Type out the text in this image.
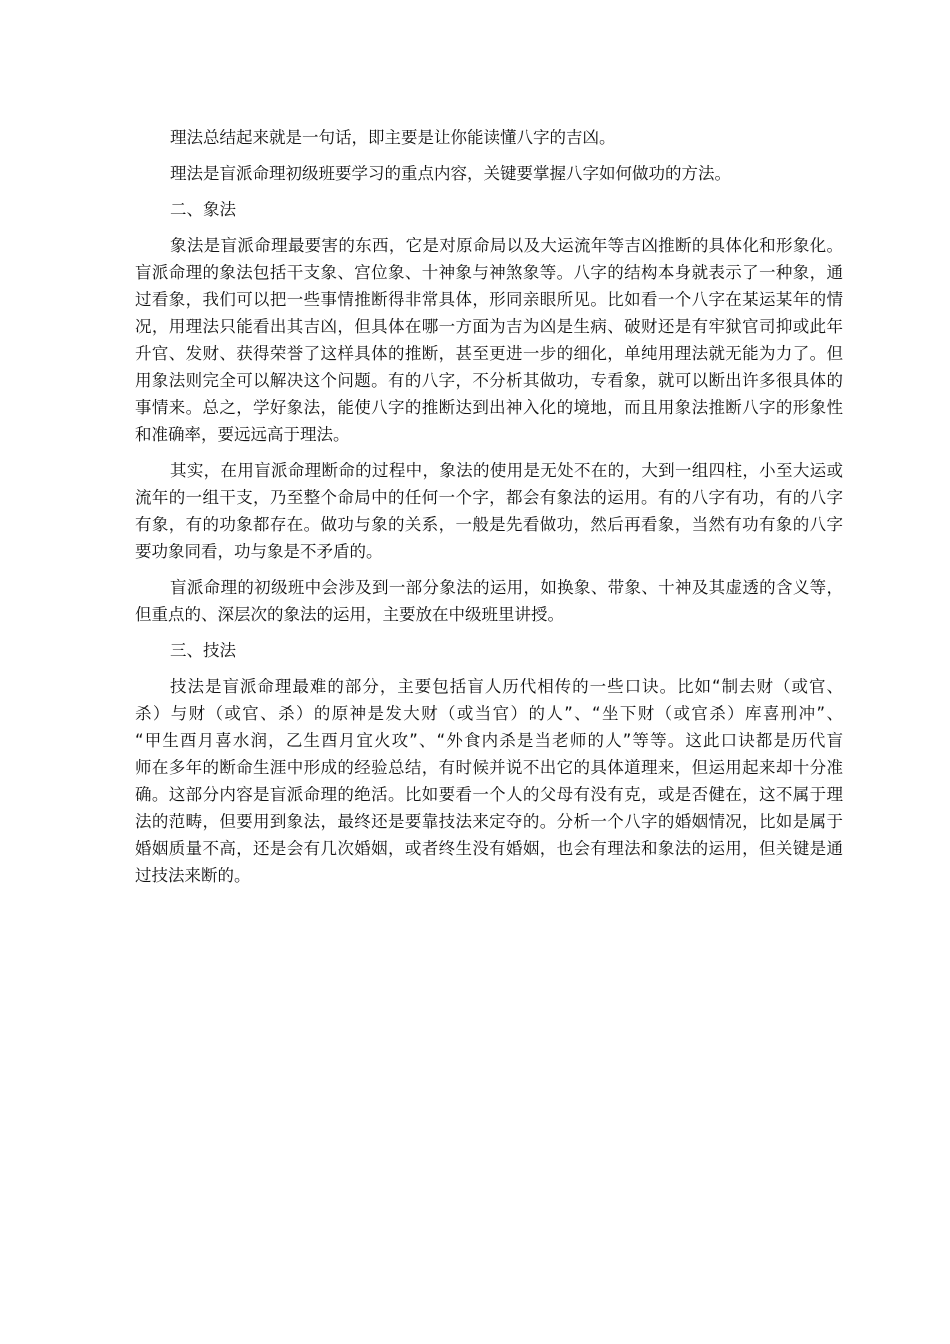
理法总结起来就是一句话，即主要是让你能读懂八字的吉凶。
理法是盲派命理初级班要学习的重点内容，关键要掌握八字如何做功的方法。
二、象法
象法是盲派命理最要害的东西，它是对原命局以及大运流年等吉凶推断的具体化和形象化。
盲派命理的象法包括干支象、宫位象、十神象与神煞象等。八字的结构本身就表示了一种象，通
过看象，我们可以把一些事情推断得非常具体，形同亲眼所见。比如看一个八字在某运某年的情
况，用理法只能看出其吉凶，但具体在哪一方面为吉为凶是生病、破财还是有牢狱官司抑或此年
升官、发财、获得荣誉了这样具体的推断，甚至更进一步的细化，单纯用理法就无能为力了。但
用象法则完全可以解决这个问题。有的八字，不分析其做功，专看象，就可以断出许多很具体的
事情来。总之，学好象法，能使八字的推断达到出神入化的境地，而且用象法推断八字的形象性
和准确率，要远远高于理法。
其实，在用盲派命理断命的过程中，象法的使用是无处不在的，大到一组四柱，小至大运或
流年的一组干支，乃至整个命局中的任何一个字，都会有象法的运用。有的八字有功，有的八字
有象，有的功象都存在。做功与象的关系，一般是先看做功，然后再看象，当然有功有象的八字
要功象同看，功与象是不矛盾的。
盲派命理的初级班中会涉及到一部分象法的运用，如换象、带象、十神及其虚透的含义等，
但重点的、深层次的象法的运用，主要放在中级班里讲授。
三、技法
技法是盲派命理最难的部分，主要包括盲人历代相传的一些口诀。比如“制去财（或官、
杀）与财（或官、杀）的原神是发大财（或当官）的人”、“坐下财（或官杀）库喜刑冲”、
“甲生酉月喜水润，乙生酉月宜火攻”、“外食内杀是当老师的人”等等。这此口诀都是历代盲
师在多年的断命生涯中形成的经验总结，有时候并说不出它的具体道理来，但运用起来却十分准
确。这部分内容是盲派命理的绝活。比如要看一个人的父母有没有克，或是否健在，这不属于理
法的范畴，但要用到象法，最终还是要靠技法来定夺的。分析一个八字的婚姻情况，比如是属于
婚姻质量不高，还是会有几次婚姻，或者终生没有婚姻，也会有理法和象法的运用，但关键是通
过技法来断的。
